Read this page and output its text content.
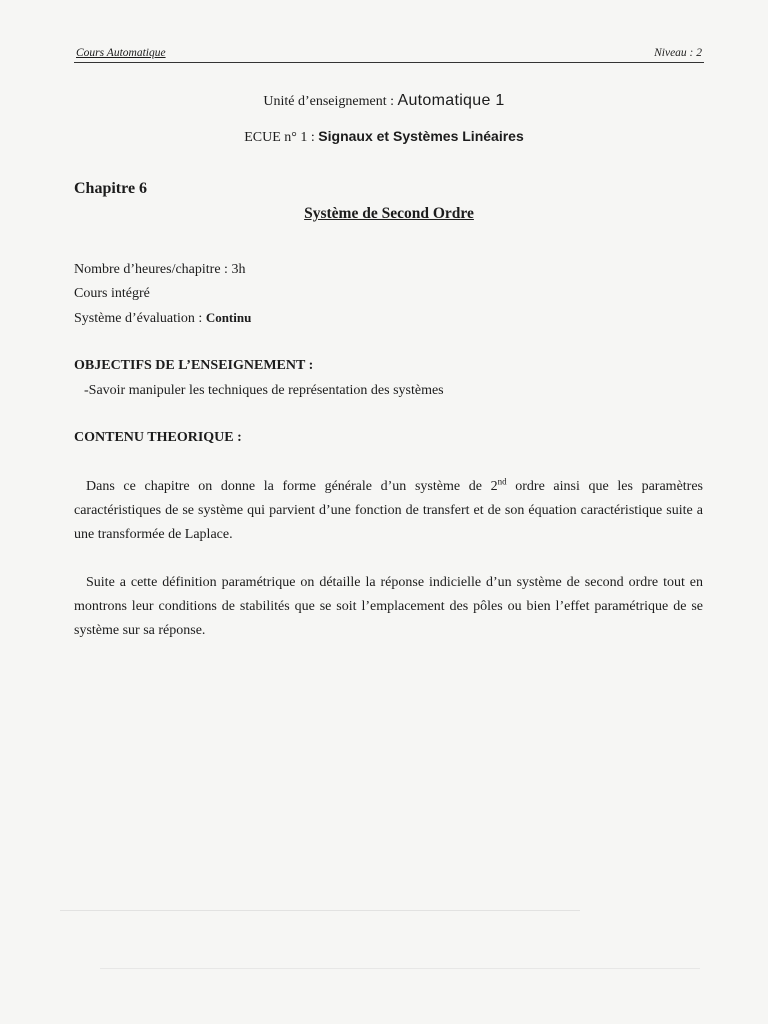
Cours Automatique	Niveau : 2
Unité d’enseignement : Automatique 1
ECUE n° 1 : Signaux et Systèmes Linéaires
Chapitre 6
Système de Second Ordre
Nombre d’heures/chapitre : 3h
Cours intégré
Système d’évaluation : Continu
OBJECTIFS DE L’ENSEIGNEMENT :
-Savoir manipuler les techniques de représentation des systèmes
CONTENU THEORIQUE :
Dans ce chapitre on donne la forme générale d’un système de 2nd ordre ainsi que les paramètres caractéristiques de se système qui parvient d’une fonction de transfert et de son équation caractéristique suite a une transformée de Laplace.
Suite a cette définition paramétrique on détaille la réponse indicielle d’un système de second ordre tout en montrons leur conditions de stabilités que se soit l’emplacement des pôles ou bien l’effet paramétrique de se système sur sa réponse.
